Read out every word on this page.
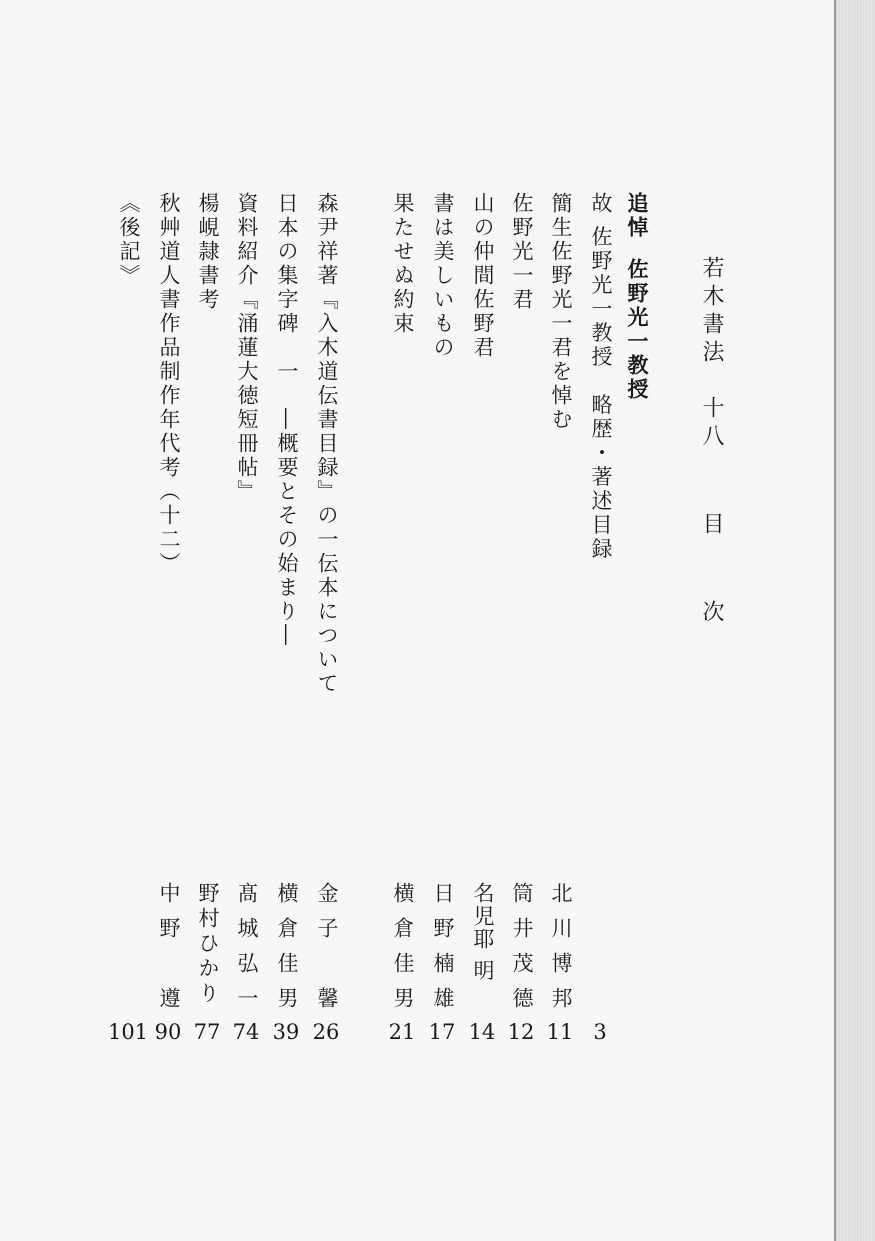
若木書法十八目次
追悼佐野光一教授
故 佐野光一教授　略歴・著述目録
簡生佐野光一君を悼む
佐野光一君
山の仲間佐野君
書は美しいもの
果たせぬ約束
森尹祥著『入木道伝書目録』の一伝本について
日本の集字碑　一　―概要とその始まり―
資料紹介『涌蓮大徳短冊帖』
楊峴隷書考
秋艸道人書作品制作年代考（十二）
《後記》
北川博邦
筒井茂德
名児耶 明
日野楠雄
横倉佳男
金子　馨
横倉佳男
髙城弘一
野村ひかり
中野　遵
3
11
12
14
17
21
26
39
74
77
90
101
